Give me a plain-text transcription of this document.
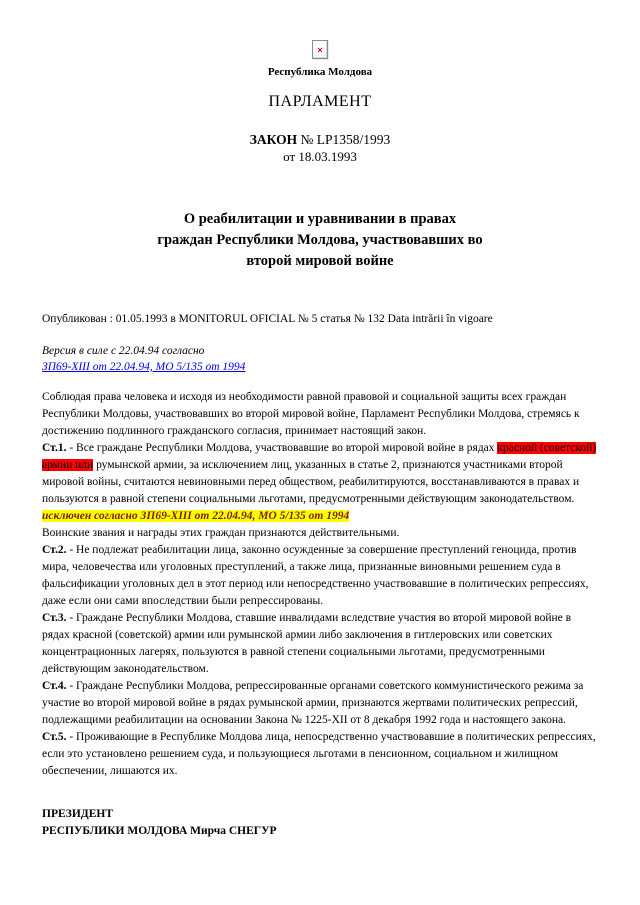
×
Республика Молдова
ПАРЛАМЕНТ
ЗАКОН № LP1358/1993
от 18.03.1993
О реабилитации и уравнивании в правах
граждан Республики Молдова, участвовавших во
второй мировой войне
Опубликован : 01.05.1993 в MONITORUL OFICIAL № 5 статья № 132 Data intrării în vigoare
Версия в силе с 22.04.94 согласно
ЗП69-XIII от 22.04.94, МО 5/135 от 1994

Соблюдая права человека и исходя из необходимости равной правовой и социальной защиты всех граждан Республики Молдовы, участвовавших во второй мировой войне, Парламент Республики Молдова, стремясь к достижению подлинного гражданского согласия, принимает настоящий закон.

Ст.1. - Все граждане Республики Молдова, участвовавшие во второй мировой войне в рядах красной (советской) армии или румынской армии, за исключением лиц, указанных в статье 2, признаются участниками второй мировой войны, считаются невиновными перед обществом, реабилитируются, восстанавливаются в правах и пользуются в равной степени социальными льготами, предусмотренными действующим законодательством.

исключен согласно ЗП69-XIII от 22.04.94, МО 5/135 от 1994

Воинские звания и награды этих граждан признаются действительными.

Ст.2. - Не подлежат реабилитации лица, законно осужденные за совершение преступлений геноцида, против мира, человечества или уголовных преступлений, а также лица, признанные виновными решением суда в фальсификации уголовных дел в этот период или непосредственно участвовавшие в политических репрессиях, даже если они сами впоследствии были репрессированы.

Ст.3. - Граждане Республики Молдова, ставшие инвалидами вследствие участия во второй мировой войне в рядах красной (советской) армии или румынской армии либо заключения в гитлеровских или советских концентрационных лагерях, пользуются в равной степени социальными льготами, предусмотренными действующим законодательством.

Ст.4. - Граждане Республики Молдова, репрессированные органами советского коммунистического режима за участие во второй мировой войне в рядах румынской армии, признаются жертвами политических репрессий, подлежащими реабилитации на основании Закона № 1225-XII от 8 декабря 1992 года и настоящего закона.

Ст.5. - Проживающие в Республике Молдова лица, непосредственно участвовавшие в политических репрессиях, если это установлено решением суда, и пользующиеся льготами в пенсионном, социальном и жилищном обеспечении, лишаются их.

ПРЕЗИДЕНТ
РЕСПУБЛИКИ МОЛДОВА Мирча СНЕГУР
